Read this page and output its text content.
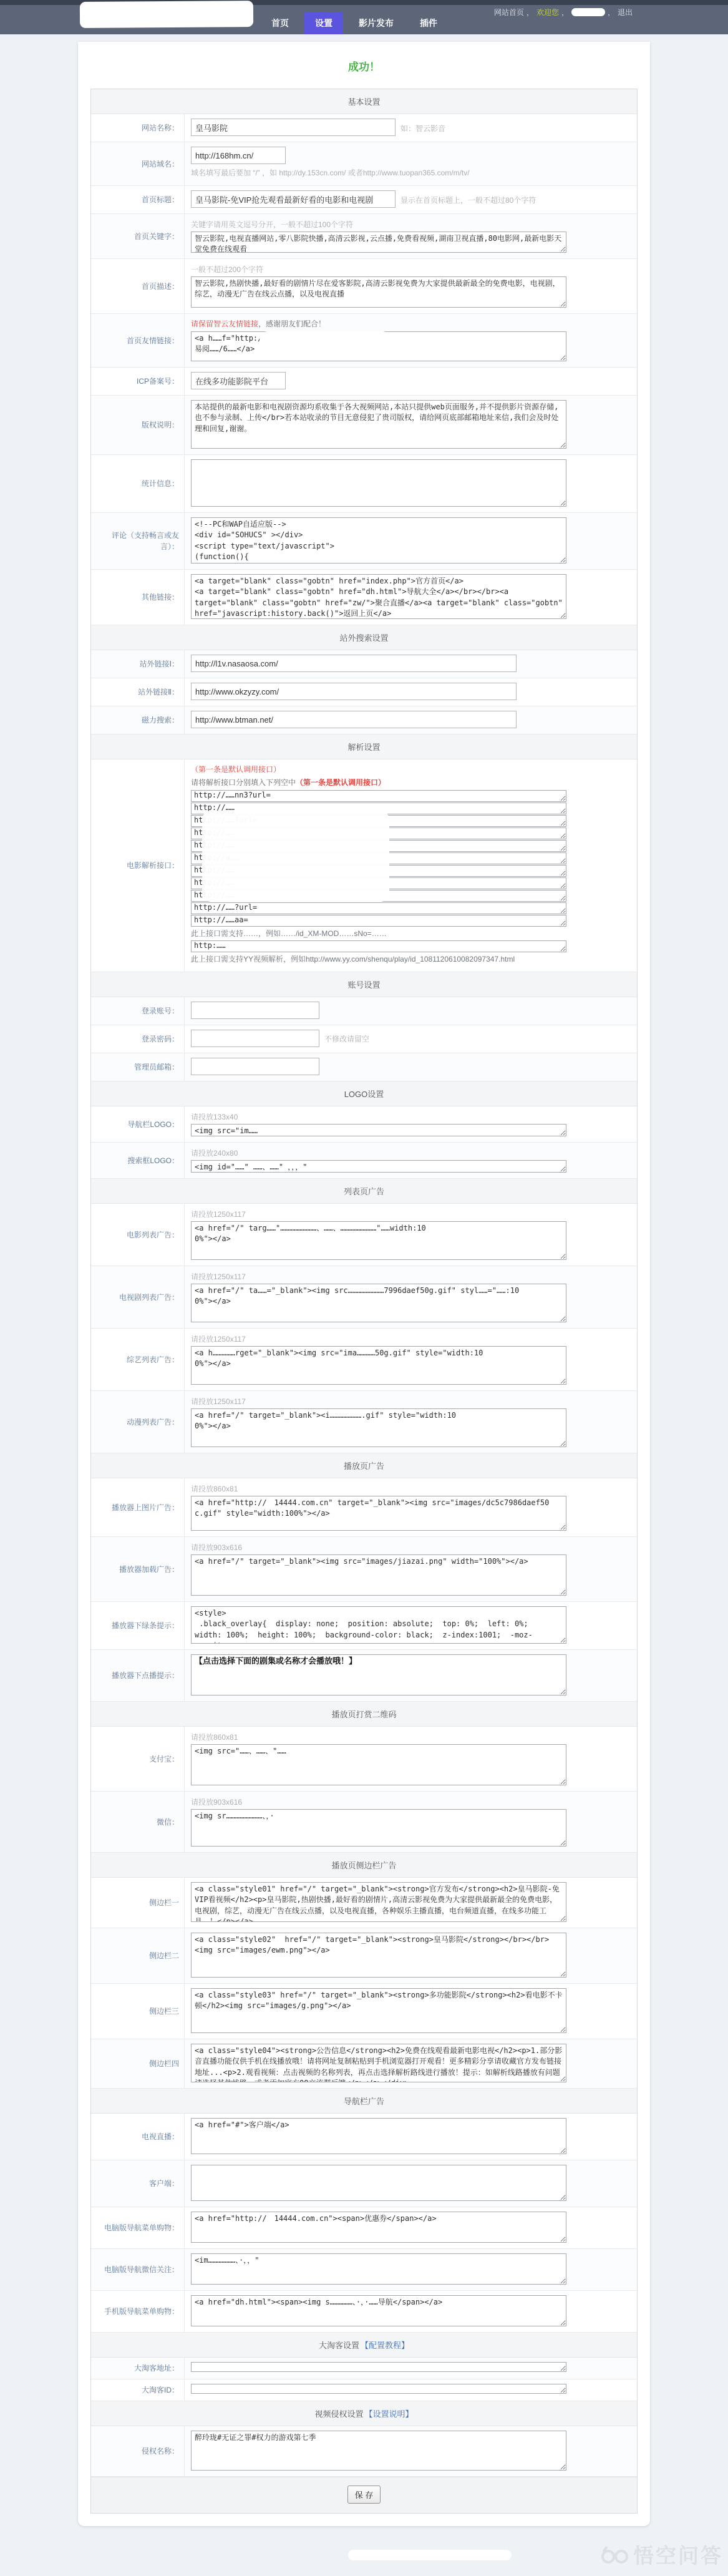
网站首页 ， 欢迎您 ，	， 退出
首页	设置	影片发布	插件
成功！
基本设置
网站名称：
皇马影院	如：智云影音
网站域名：
http://168hm.cn/
域名填写最后要加 “/” ，如 http://dy.153cn.com/ 或者http://www.tuopan365.com/m/tv/
首页标题：
皇马影院-免VIP抢先观看最新好看的电影和电视剧	显示在首页标题上，一般不超过80个字符
首页关键字：
关键字请用英文逗号分开，一般不超过100个字符
智云影院,电视直播网站,零八影院快播,高清云影视,云点播,免费看视频,湖南卫视直播,80电影网,最新电影天堂免费在线观看
首页描述：
一般不超过200个字符
智云影院,热剧快播,最好看的剧情片尽在爱客影院,高清云影视免费为大家提供最新最全的免费电影，电视剧，综艺，动漫无广告在线云点播，以及电视直播
首页友情链接：
请保留智云友情链接，感谢朋友们配合！
<a h……f="http://16……" ………… 易阅……/6……</a>
ICP备案号：
在线多功能影院平台
版权说明：
本站提供的最新电影和电视剧资源均系收集于各大视频网站,本站只提供web页面服务,并不提供影片资源存储,也不参与录制、上传</br>若本站收录的节目无意侵犯了贵司版权，请给网页底部邮箱地址来信,我们会及时处理和回复,谢谢。
统计信息：
评论（支持畅言或友言）：
<!--PC和WAP自适应版--> <div id="SOHUCS" ></div> <script type="text/javascript"> (function(){ var appid = 'cysRhpVdt';
其他链接：
<a target="blank" class="gobtn" href="index.php">官方首页</a> <a target="blank" class="gobtn" href="dh.html">导航大全</a></br></br><a target="blank" class="gobtn" href="zw/">聚合直播</a><a target="blank" class="gobtn" href="javascript:history.back()">返回上页</a>
站外搜索设置
站外链接Ⅰ：
http://l1v.nasaosa.com/
站外链接Ⅱ：
http://www.okzyzy.com/
磁力搜索：
http://www.btman.net/
解析设置
电影解析接口：
（第一条是默认调用接口）
请将解析接口分别填入下列空中（第一条是默认调用接口）
http://……nn3?url=
http://……
http://……?url=
http://……
http://……
http://w……
http://……
http://……
http://……
http://……?url=
http://……aa=
此上接口需支持……，例如……/id_XM-MOD……sNo=……
http:……
此上接口需支持YY视频解析，例如http://www.yy.com/shenqu/play/id_1081120610082097347.html
账号设置
登录账号：
登录密码：	不修改请留空
管理员邮箱：
LOGO设置
导航栏LOGO：
请投放133x40
<img src="im……
搜索框LOGO：
请投放240x80
<img id="……" ……、……" ，，，"
列表页广告
电影列表广告：
请投放1250x117
<a href="/" targ……"……………………、……、……………………"……width:10 0%"></a>
电视剧列表广告：
请投放1250x117
<a href="/" ta……="_blank"><img src……………………7996daef50g.gif" styl……="……:10 0%"></a>
综艺列表广告：
请投放1250x117
<a h……………rget="_blank"><img src="ima…………50g.gif" style="width:10 0%"></a>
动漫列表广告：
请投放1250x117
<a href="/" target="_blank"><i………………….gif" style="width:10 0%"></a>
播放页广告
播放器上图片广告：
请投放860x81
<a href="http://　14444.com.cn" target="_blank"><img src="images/dc5c7986daef50 c.gif" style="width:100%"></a>
播放器加载广告：
请投放903x616
<a href="/" target="_blank"><img src="images/jiazai.png" width="100%"></a>
播放器下绿条提示：
<style> .black_overlay{ display: none; position: absolute; top: 0%; left: 0%; width: 100%; height: 100%; background-color: black; z-index:1001; -moz-opacity:
播放器下点播提示：
【点击选择下面的剧集或名称才会播放哦！】
播放页打赏二维码
支付宝：
请投放860x81
<img src="……、……、"……
微信：
请投放903x616
<img sr……………………、，·
播放页侧边栏广告
侧边栏一
<a class="style01" href="/" target="_blank"><strong>官方发布</strong><h2>皇马影院-免VIP看视频</h2><p>皇马影院,热剧快播,最好看的剧情片,高清云影视免费为大家提供最新最全的免费电影，电视剧，综艺，动漫无广告在线云点播，以及电视直播，各种娱乐主播直播，电台频道直播，在线多功能工具。！</p></a>
侧边栏二
<a class="style02" href="/" target="_blank"><strong>皇马影院</strong></br></br><img src="images/ewm.png"></a>
侧边栏三
<a class="style03" href="/" target="_blank"><strong>多功能影院</strong><h2>看电影不卡顿</h2><img src="images/g.png"></a>
侧边栏四
<a class="style04"><strong>公告信息</strong><h2>免费在线观看最新电影电视</h2><p>1.部分影音直播功能仅供手机在线播放哦！请将网址复制粘贴到手机浏览器打开观看！更多精彩分享请收藏官方发布链接地址...<p>2.观看视频：点击视频的名称列表，再点击选择解析路线进行播放！提示：如解析线路播放有问题请选择其他线路，或者添加官方QQ交流群反馈</p></a></div>
导航栏广告
电视直播：
<a href="#">客户端</a>
客户端：
电脑版导航菜单购物：
<a href="http://　14444.com.cn"><span>优惠券</span></a>
电脑版导航微信关注：
<im………………、·，，"
手机版导航菜单购物：
<a href="dh.html"><span><img s……………、·，·……导航</span></a>
大淘客设置 【配置教程】
大淘客地址：
大淘客ID：
视频侵权设置 【设置说明】
侵权名称：
醉玲珑#无证之罪#权力的游戏第七季
保 存
悟空问答
